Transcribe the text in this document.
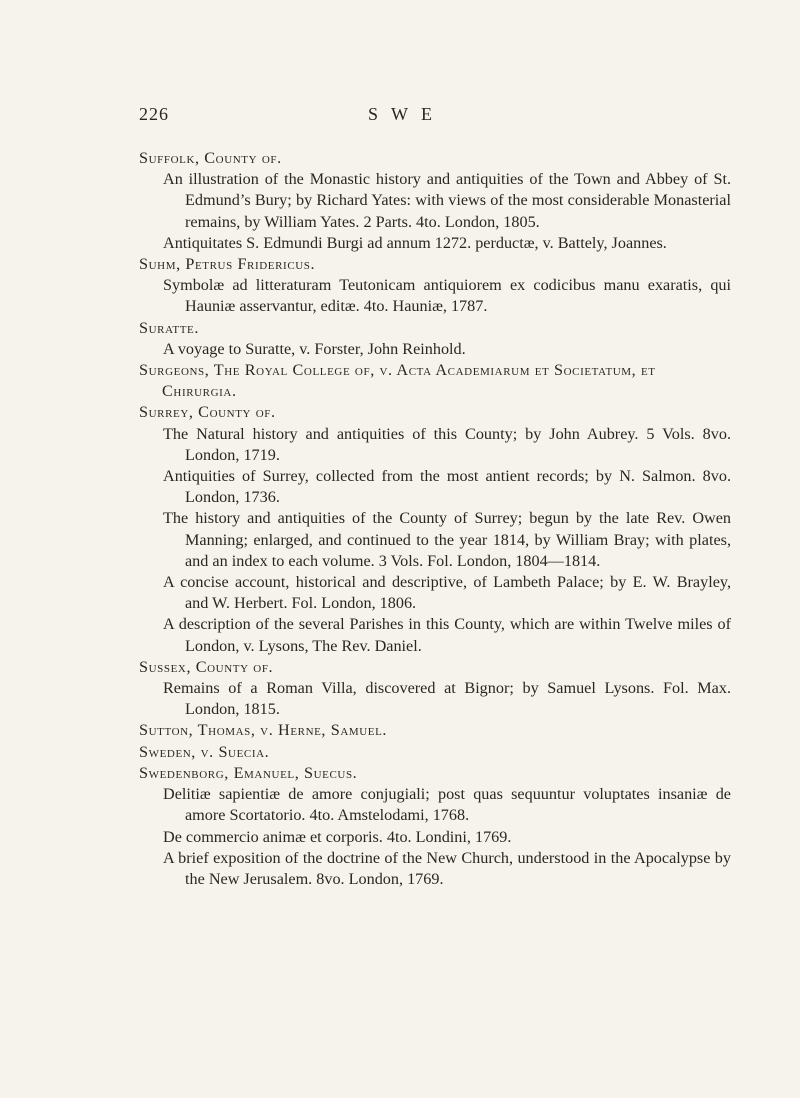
226	SWE
Suffolk, County of.
An illustration of the Monastic history and antiquities of the Town and Abbey of St. Edmund’s Bury; by Richard Yates: with views of the most considerable Monasterial remains, by William Yates. 2 Parts. 4to. London, 1805.
Antiquitates S. Edmundi Burgi ad annum 1272. perductæ, v. Battely, Joannes.
Suhm, Petrus Fridericus.
Symbolæ ad litteraturam Teutonicam antiquiorem ex codicibus manu exaratis, qui Hauniæ asservantur, editæ. 4to. Hauniæ, 1787.
Suratte.
A voyage to Suratte, v. Forster, John Reinhold.
Surgeons, The Royal College of, v. Acta Academiarum et Societatum, et Chirurgia.
Surrey, County of.
The Natural history and antiquities of this County; by John Aubrey. 5 Vols. 8vo. London, 1719.
Antiquities of Surrey, collected from the most antient records; by N. Salmon. 8vo. London, 1736.
The history and antiquities of the County of Surrey; begun by the late Rev. Owen Manning; enlarged, and continued to the year 1814, by William Bray; with plates, and an index to each volume. 3 Vols. Fol. London, 1804—1814.
A concise account, historical and descriptive, of Lambeth Palace; by E. W. Brayley, and W. Herbert. Fol. London, 1806.
A description of the several Parishes in this County, which are within Twelve miles of London, v. Lysons, The Rev. Daniel.
Sussex, County of.
Remains of a Roman Villa, discovered at Bignor; by Samuel Lysons. Fol. Max. London, 1815.
Sutton, Thomas, v. Herne, Samuel.
Sweden, v. Suecia.
Swedenborg, Emanuel, Suecus.
Delitiæ sapientiæ de amore conjugiali; post quas sequuntur voluptates insaniæ de amore Scortatorio. 4to. Amstelodami, 1768.
De commercio animæ et corporis. 4to. Londini, 1769.
A brief exposition of the doctrine of the New Church, understood in the Apocalypse by the New Jerusalem. 8vo. London, 1769.
